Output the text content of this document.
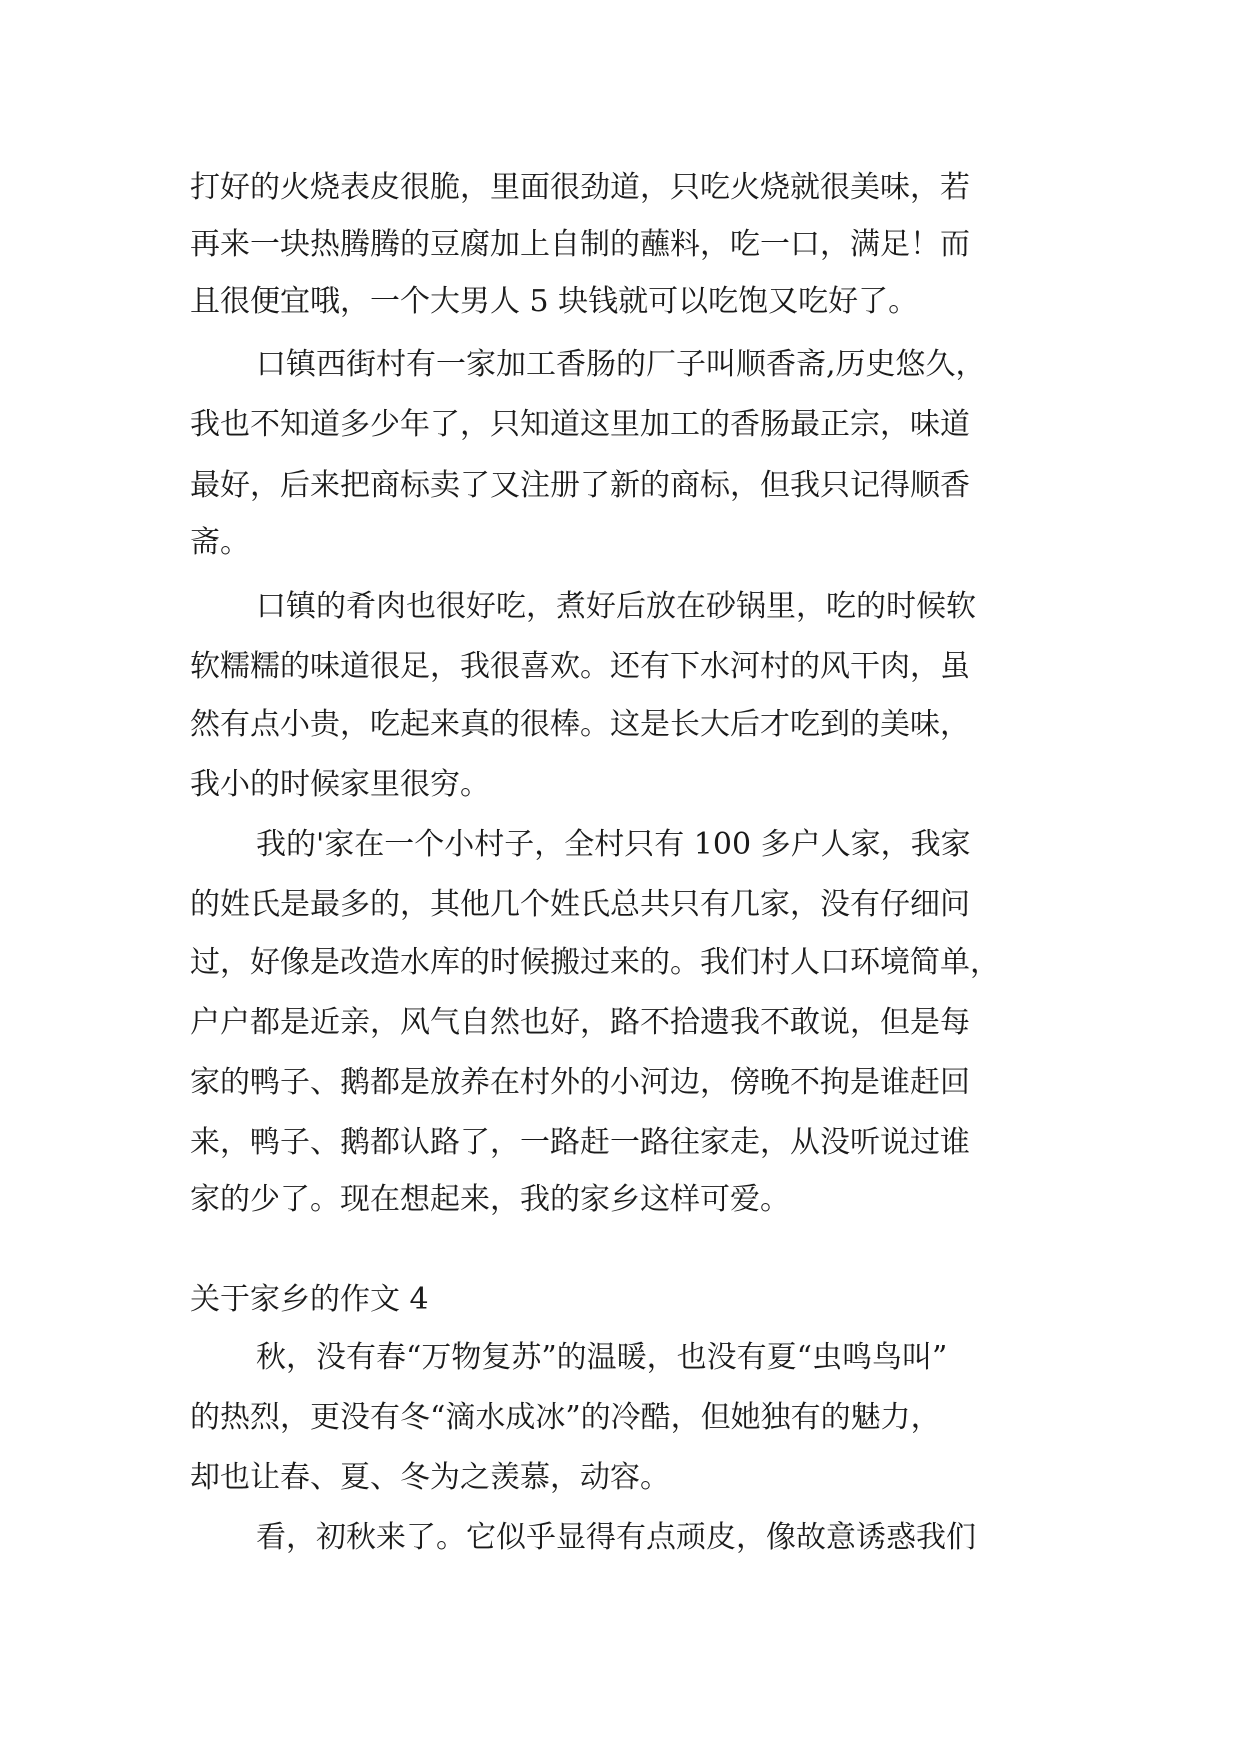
打好的火烧表皮很脆，里面很劲道，只吃火烧就很美味，若
再来一块热腾腾的豆腐加上自制的蘸料，吃一口，满足！而
且很便宜哦，一个大男人 5 块钱就可以吃饱又吃好了。
口镇西街村有一家加工香肠的厂子叫顺香斋,历史悠久，
我也不知道多少年了，只知道这里加工的香肠最正宗，味道
最好，后来把商标卖了又注册了新的商标，但我只记得顺香
斋。
口镇的肴肉也很好吃，煮好后放在砂锅里，吃的时候软
软糯糯的味道很足，我很喜欢。还有下水河村的风干肉，虽
然有点小贵，吃起来真的很棒。这是长大后才吃到的美味，
我小的时候家里很穷。
我的'家在一个小村子，全村只有 100 多户人家，我家
的姓氏是最多的，其他几个姓氏总共只有几家，没有仔细问
过，好像是改造水库的时候搬过来的。我们村人口环境简单，
户户都是近亲，风气自然也好，路不拾遗我不敢说，但是每
家的鸭子、鹅都是放养在村外的小河边，傍晚不拘是谁赶回
来，鸭子、鹅都认路了，一路赶一路往家走，从没听说过谁
家的少了。现在想起来，我的家乡这样可爱。
关于家乡的作文 4
秋，没有春“万物复苏”的温暖，也没有夏“虫鸣鸟叫”
的热烈，更没有冬“滴水成冰”的冷酷，但她独有的魅力，
却也让春、夏、冬为之羡慕，动容。
看，初秋来了。它似乎显得有点顽皮，像故意诱惑我们
